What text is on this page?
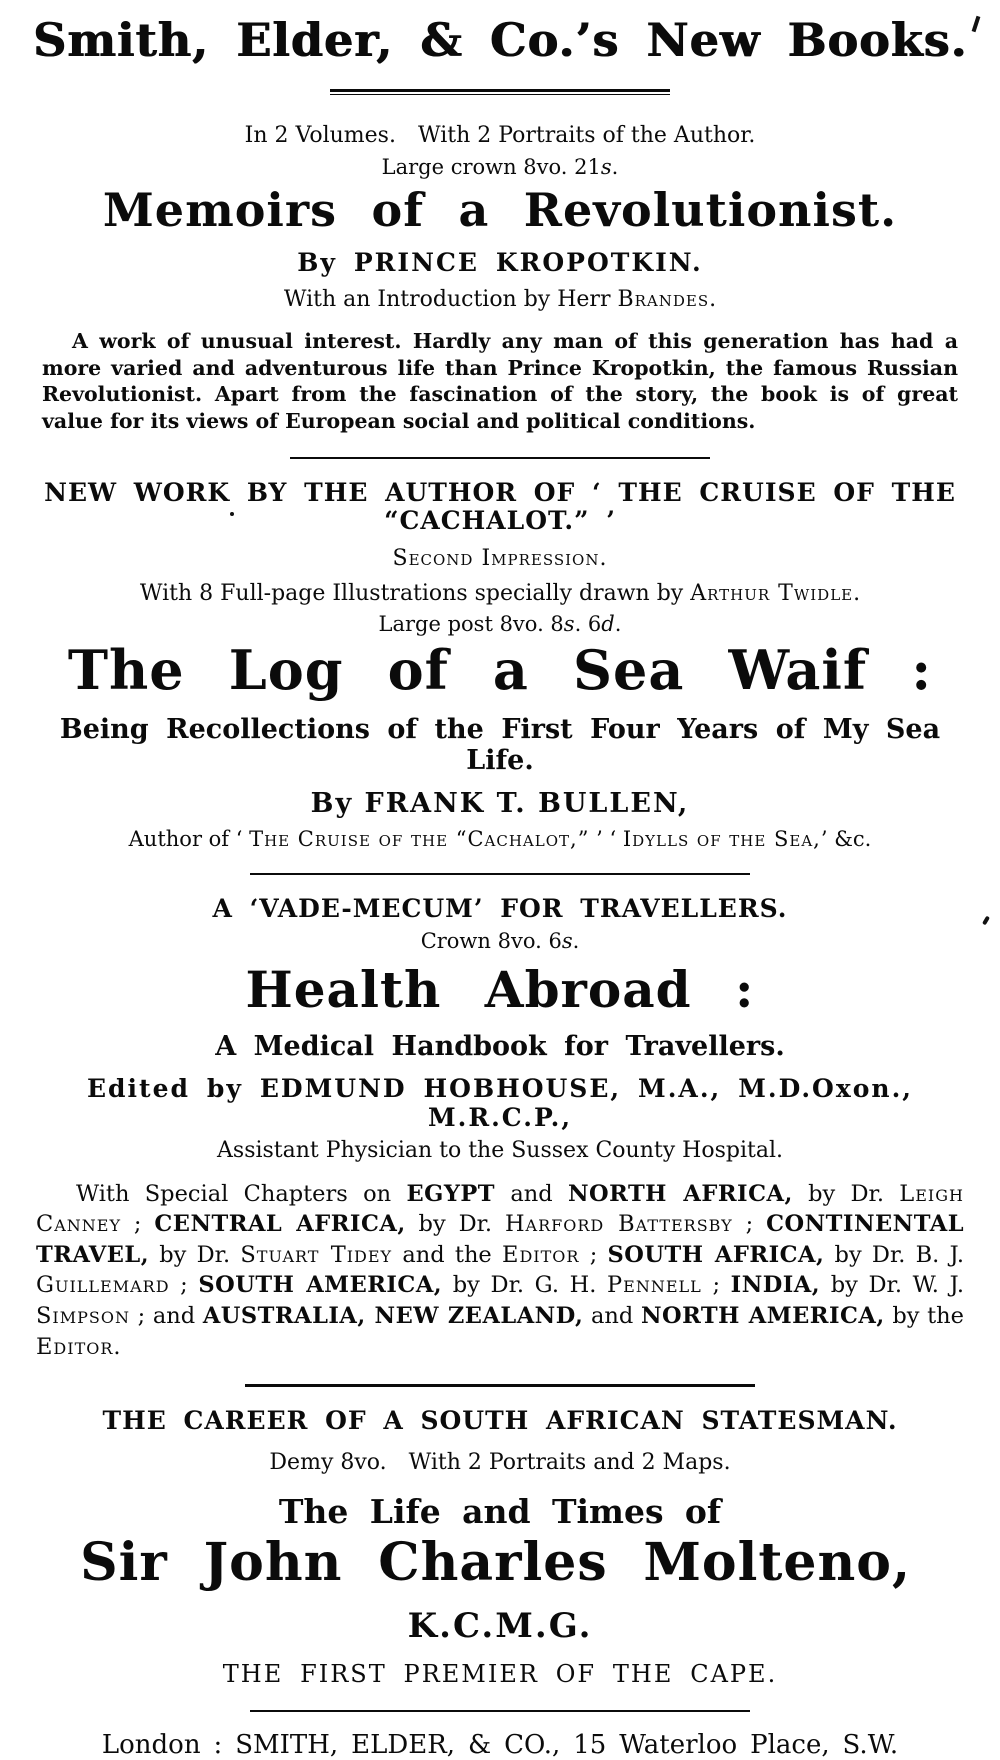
Smith, Elder, & Co.’s New Books.

In 2 Volumes.  With 2 Portraits of the Author.

Large crown 8vo. 21s.

Memoirs of a Revolutionist.

By PRINCE KROPOTKIN.

With an Introduction by Herr Brandes.

A work of unusual interest. Hardly any man of this generation has had a more varied and adventurous life than Prince Kropotkin, the famous Russian Revolutionist. Apart from the fascination of the story, the book is of great value for its views of European social and political conditions.

NEW WORK BY THE AUTHOR OF ‘ THE CRUISE OF THE “CACHALOT.” ’

Second Impression.

With 8 Full-page Illustrations specially drawn by Arthur Twidle.

Large post 8vo. 8s. 6d.

The Log of a Sea Waif :

Being Recollections of the First Four Years of My Sea Life.

By FRANK T. BULLEN,

Author of ‘ The Cruise of the “Cachalot,” ’ ‘ Idylls of the Sea,’ &c.

A ‘VADE-MECUM’ FOR TRAVELLERS.

Crown 8vo. 6s.

Health Abroad :

A Medical Handbook for Travellers.

Edited by EDMUND HOBHOUSE, M.A., M.D.Oxon., M.R.C.P.,

Assistant Physician to the Sussex County Hospital.

With Special Chapters on EGYPT and NORTH AFRICA, by Dr. Leigh Canney ; CENTRAL AFRICA, by Dr. Harford Battersby ; CONTINENTAL TRAVEL, by Dr. Stuart Tidey and the Editor ; SOUTH AFRICA, by Dr. B. J. Guillemard ; SOUTH AMERICA, by Dr. G. H. Pennell ; INDIA, by Dr. W. J. Simpson ; and AUSTRALIA, NEW ZEALAND, and NORTH AMERICA, by the Editor.

THE CAREER OF A SOUTH AFRICAN STATESMAN.

Demy 8vo.  With 2 Portraits and 2 Maps.

The Life and Times of

Sir John Charles Molteno, K.C.M.G.

THE FIRST PREMIER OF THE CAPE.

London : SMITH, ELDER, & CO., 15 Waterloo Place, S.W.
